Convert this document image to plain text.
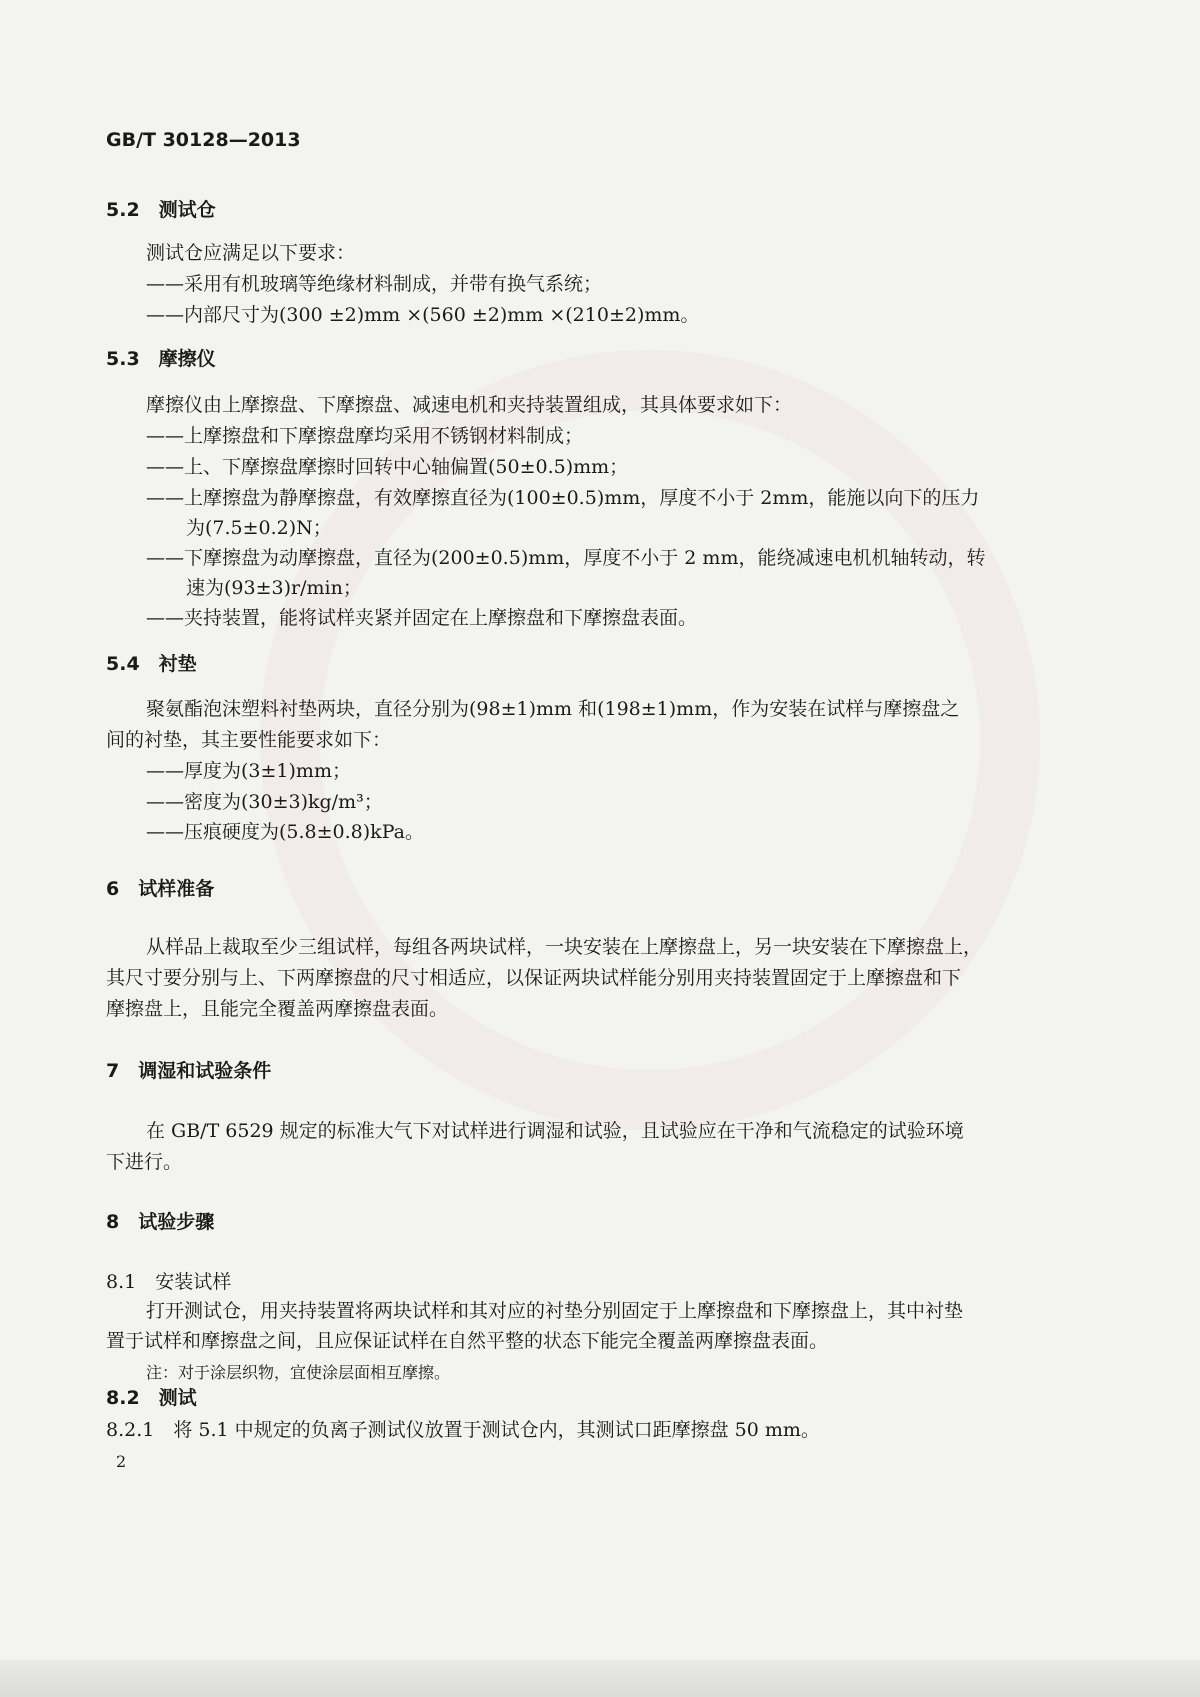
GB/T 30128—2013
5.2　测试仓
测试仓应满足以下要求：
——采用有机玻璃等绝缘材料制成，并带有换气系统；
——内部尺寸为(300 ±2)mm ×(560 ±2)mm ×(210±2)mm。
5.3　摩擦仪
摩擦仪由上摩擦盘、下摩擦盘、减速电机和夹持装置组成，其具体要求如下：
——上摩擦盘和下摩擦盘摩均采用不锈钢材料制成；
——上、下摩擦盘摩擦时回转中心轴偏置(50±0.5)mm；
——上摩擦盘为静摩擦盘，有效摩擦直径为(100±0.5)mm，厚度不小于 2mm，能施以向下的压力
为(7.5±0.2)N；
——下摩擦盘为动摩擦盘，直径为(200±0.5)mm，厚度不小于 2 mm，能绕减速电机机轴转动，转
速为(93±3)r/min；
——夹持装置，能将试样夹紧并固定在上摩擦盘和下摩擦盘表面。
5.4　衬垫
聚氨酯泡沫塑料衬垫两块，直径分别为(98±1)mm 和(198±1)mm，作为安装在试样与摩擦盘之
间的衬垫，其主要性能要求如下：
——厚度为(3±1)mm；
——密度为(30±3)kg/m³；
——压痕硬度为(5.8±0.8)kPa。
6　试样准备
从样品上裁取至少三组试样，每组各两块试样，一块安装在上摩擦盘上，另一块安装在下摩擦盘上，
其尺寸要分别与上、下两摩擦盘的尺寸相适应，以保证两块试样能分别用夹持装置固定于上摩擦盘和下
摩擦盘上，且能完全覆盖两摩擦盘表面。
7　调湿和试验条件
在 GB/T 6529 规定的标准大气下对试样进行调湿和试验，且试验应在干净和气流稳定的试验环境
下进行。
8　试验步骤
8.1　安装试样
打开测试仓，用夹持装置将两块试样和其对应的衬垫分别固定于上摩擦盘和下摩擦盘上，其中衬垫
置于试样和摩擦盘之间，且应保证试样在自然平整的状态下能完全覆盖两摩擦盘表面。
注：对于涂层织物，宜使涂层面相互摩擦。
8.2　测试
8.2.1　将 5.1 中规定的负离子测试仪放置于测试仓内，其测试口距摩擦盘 50 mm。
2
